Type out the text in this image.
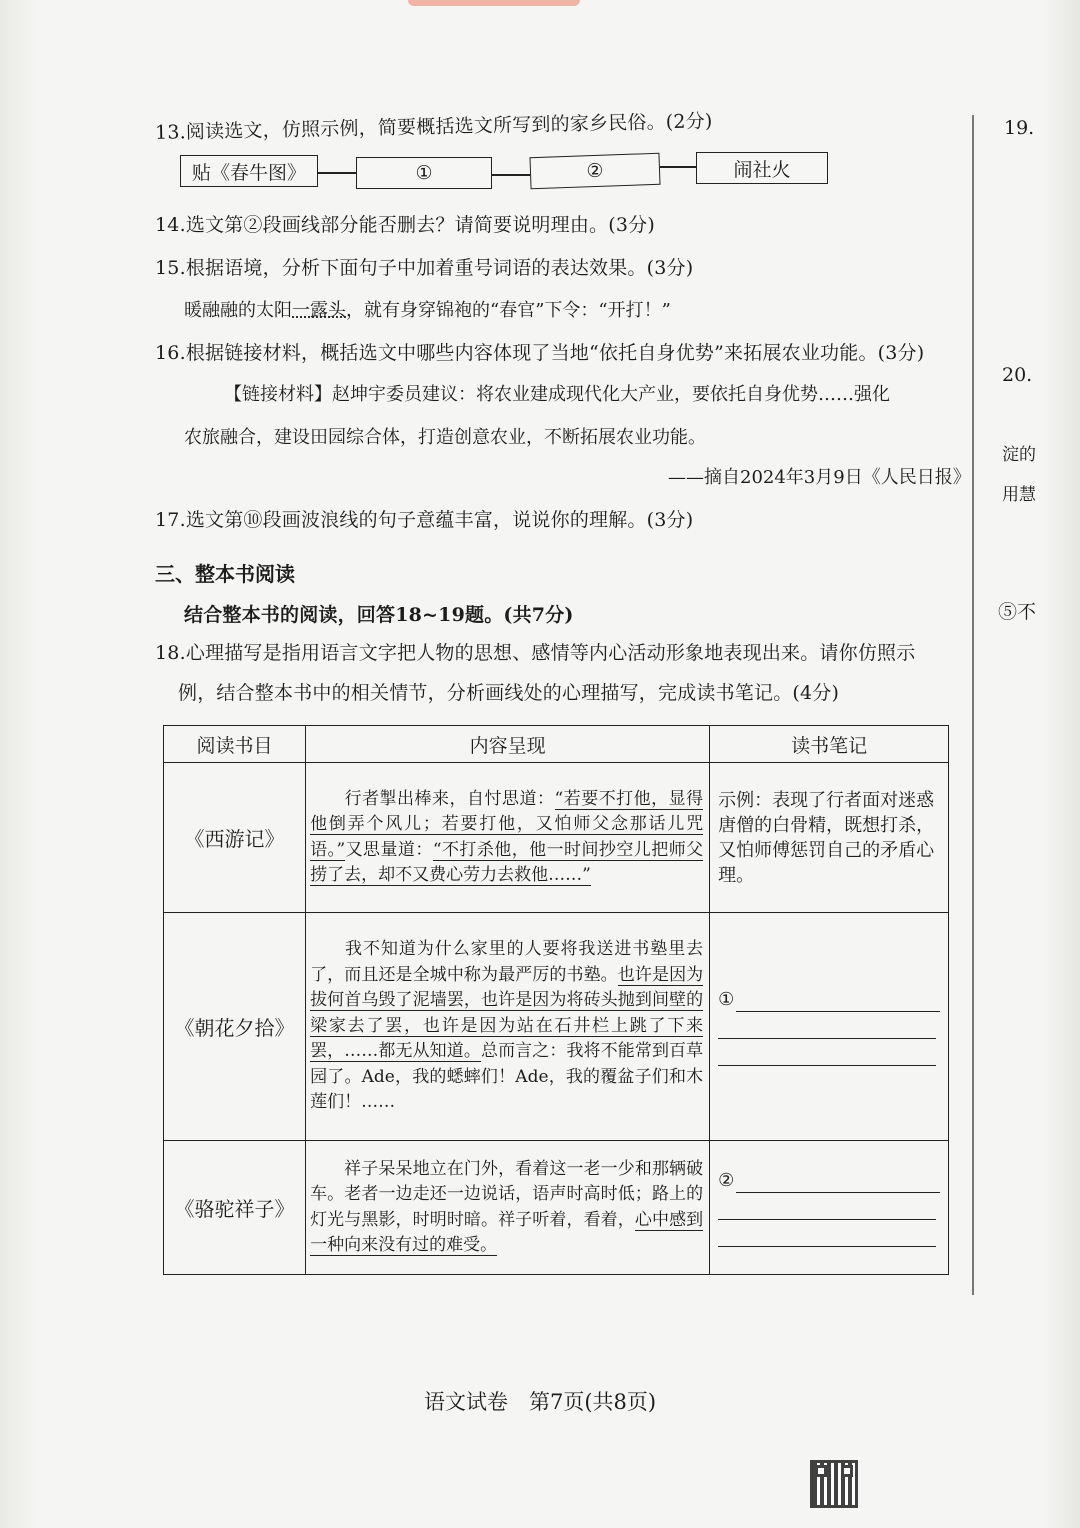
13.阅读选文，仿照示例，简要概括选文所写到的家乡民俗。(2分)
贴《春牛图》	①	②	闹社火
14.选文第②段画线部分能否删去？请简要说明理由。(3分)
15.根据语境，分析下面句子中加着重号词语的表达效果。(3分)
暖融融的太阳一露头，就有身穿锦袍的“春官”下令：“开打！”
16.根据链接材料，概括选文中哪些内容体现了当地“依托自身优势”来拓展农业功能。(3分)
【链接材料】赵坤宇委员建议：将农业建成现代化大产业，要依托自身优势……强化
农旅融合，建设田园综合体，打造创意农业，不断拓展农业功能。
——摘自2024年3月9日《人民日报》
17.选文第⑩段画波浪线的句子意蕴丰富，说说你的理解。(3分)
三、整本书阅读
结合整本书的阅读，回答18~19题。(共7分)
18.心理描写是指用语言文字把人物的思想、感情等内心活动形象地表现出来。请你仿照示
例，结合整本书中的相关情节，分析画线处的心理描写，完成读书笔记。(4分)
阅读书目	内容呈现	读书笔记
《西游记》	  行者掣出棒来，自忖思道：“若要不打他，显得他倒弄个风儿；若要打他，又怕师父念那话儿咒语。”又思量道：“不打杀他，他一时间抄空儿把师父捞了去，却不又费心劳力去救他……”	示例：表现了行者面对迷惑唐僧的白骨精，既想打杀，又怕师傅惩罚自己的矛盾心理。
《朝花夕拾》	  我不知道为什么家里的人要将我送进书塾里去了，而且还是全城中称为最严厉的书塾。也许是因为拔何首乌毁了泥墙罢，也许是因为将砖头抛到间壁的梁家去了罢，也许是因为站在石井栏上跳了下来罢，……都无从知道。总而言之：我将不能常到百草园了。Ade，我的蟋蟀们！Ade，我的覆盆子们和木莲们！……	①

《骆驼祥子》	  祥子呆呆地立在门外，看着这一老一少和那辆破车。老者一边走还一边说话，语声时高时低；路上的灯光与黑影，时明时暗。祥子听着，看着，心中感到一种向来没有过的难受。	②
19.
20.
淀的
用慧
⑤不
语文试卷　第7页(共8页)
